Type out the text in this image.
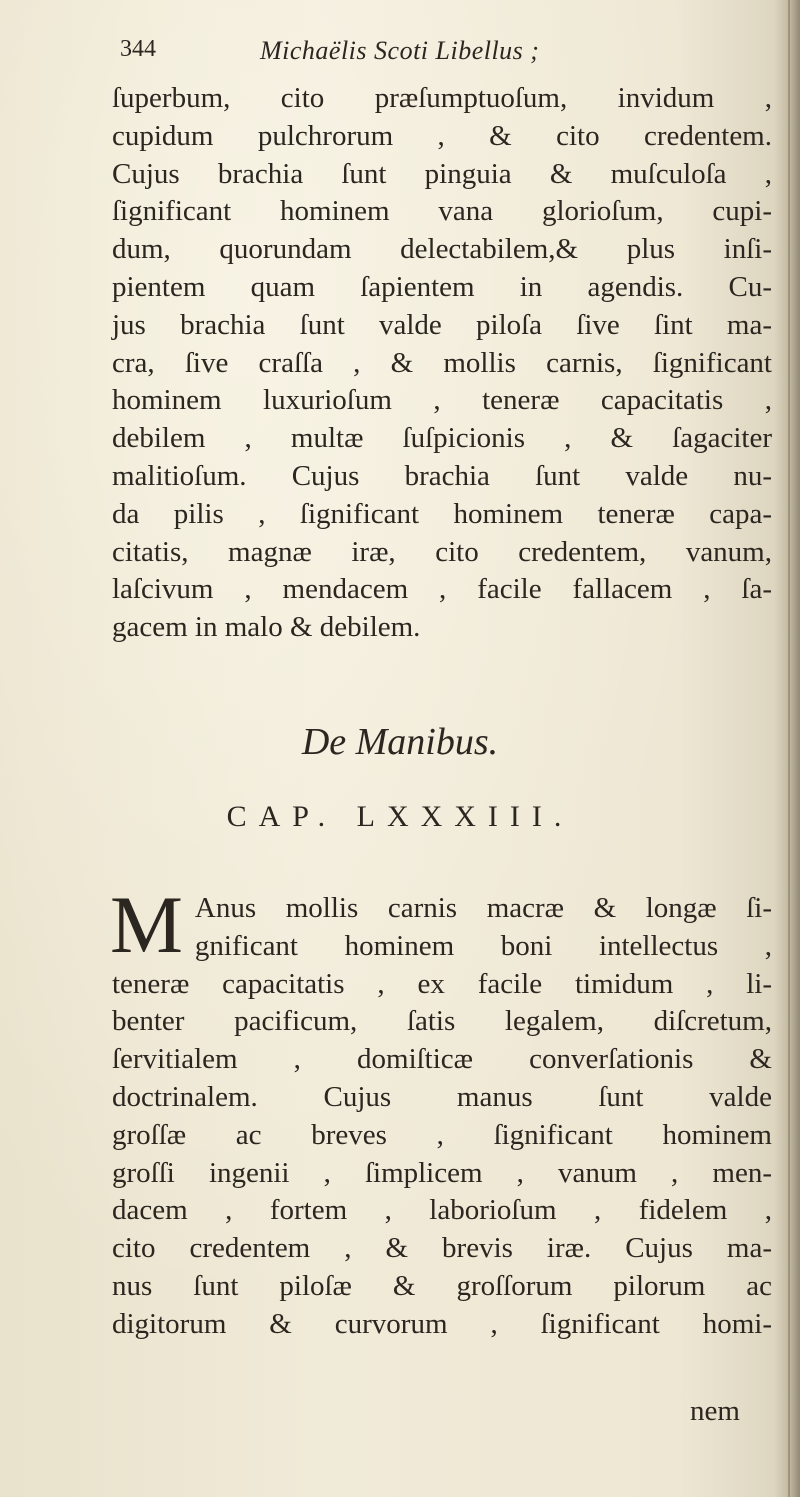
344	Michaëlis Scoti Libellus ;
ſuperbum, cito præſumptuoſum, invidum ,
cupidum pulchrorum , & cito credentem.
Cujus brachia ſunt pinguia & muſculoſa ,
ſignificant hominem vana glorioſum, cupi-
dum, quorundam delectabilem,& plus inſi-
pientem quam ſapientem in agendis. Cu-
jus brachia ſunt valde piloſa ſive ſint ma-
cra, ſive craſſa , & mollis carnis, ſignificant
hominem luxurioſum , teneræ capacitatis ,
debilem , multæ ſuſpicionis , & ſagaciter
malitioſum. Cujus brachia ſunt valde nu-
da pilis , ſignificant hominem teneræ capa-
citatis, magnæ iræ, cito credentem, vanum,
laſcivum , mendacem , facile fallacem , ſa-
gacem in malo & debilem.
De Manibus.
CAP. LXXXIII.
M Anus mollis carnis macræ & longæ ſi-
gnificant hominem boni intellectus ,
teneræ capacitatis , ex facile timidum , li-
benter pacificum, ſatis legalem, diſcretum,
ſervitialem , domiſticæ converſationis &
doctrinalem. Cujus manus ſunt valde
groſſæ ac breves , ſignificant hominem
groſſi ingenii , ſimplicem , vanum , men-
dacem , fortem , laborioſum , fidelem ,
cito credentem , & brevis iræ. Cujus ma-
nus ſunt piloſæ & groſſorum pilorum ac
digitorum & curvorum , ſignificant homi-
nem
